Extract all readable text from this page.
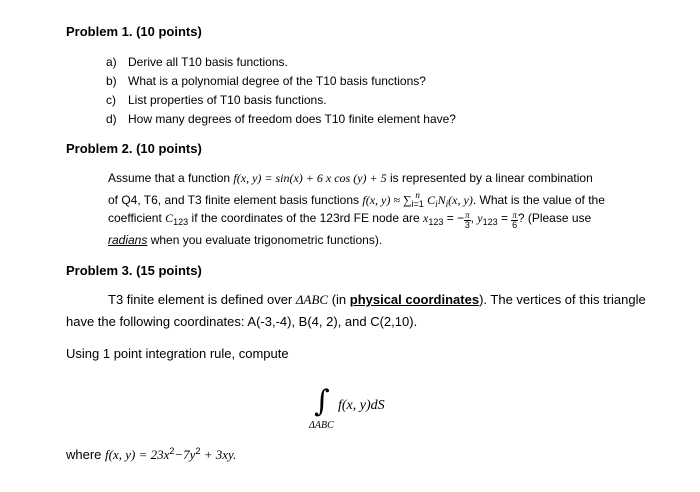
Problem 1. (10 points)
a) Derive all T10 basis functions.
b) What is a polynomial degree of the T10 basis functions?
c) List properties of T10 basis functions.
d) How many degrees of freedom does T10 finite element have?
Problem 2. (10 points)
Assume that a function f(x, y) = sin(x) + 6 x cos (y) + 5 is represented by a linear combination
of Q4, T6, and T3 finite element basis functions f(x, y) ≈ ∑ n
i=1 $C_iN_i(x$, y). What is the value of the
coefficient $C_{123}$ if the coordinates of the 123rd FE node are $x_{123}$ = − $\frac{\pi}{3}$ , $y_{123} = \frac{\pi}{6}$ ? (Please use
radians when you evaluate trigonometric functions).
Problem 3. (15 points)
T3 finite element is defined over ΔABC (in physical coordinates). The vertices of this triangle
have the following coordinates: A(-3,-4), B(4, 2), and C(2,10).
Using 1 point integration rule, compute
∫ f(x, y)dS
ΔABC
where f(x, $y) = 23x^2-7y^2 + 3xy$.
